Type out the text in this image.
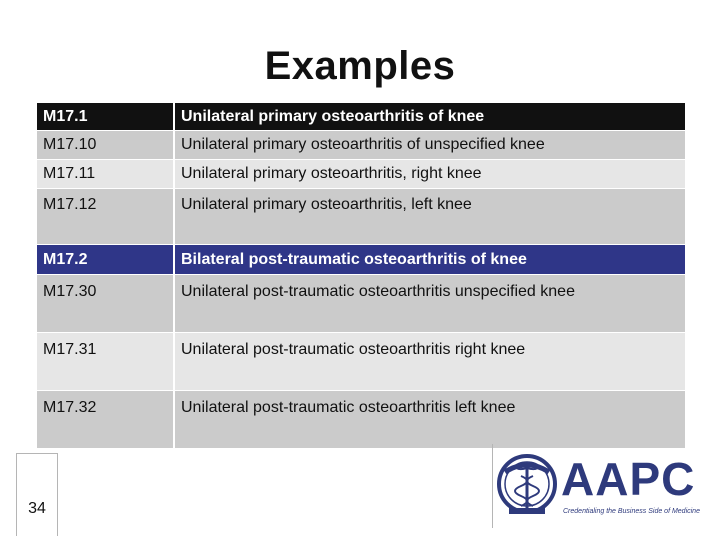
Examples
M17.1	Unilateral primary osteoarthritis of knee
M17.10	Unilateral primary osteoarthritis of unspecified knee
M17.11	Unilateral primary osteoarthritis, right knee
M17.12	Unilateral primary osteoarthritis, left knee
M17.2	Bilateral post-traumatic osteoarthritis of knee
M17.30	Unilateral post-traumatic osteoarthritis unspecified knee
M17.31	Unilateral post-traumatic osteoarthritis right knee
M17.32	Unilateral post-traumatic osteoarthritis left knee
34
AAPC
Credentialing the Business Side of Medicine
